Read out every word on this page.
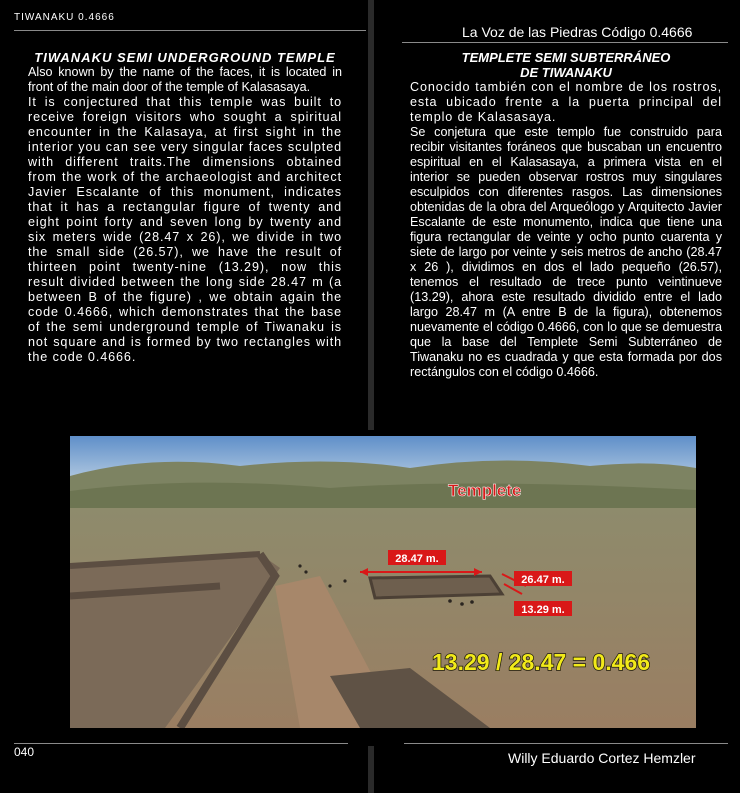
TIWANAKU 0.4666
La Voz de las Piedras Código 0.4666
TIWANAKU SEMI UNDERGROUND TEMPLE

Also known by the name of the faces, it is located in front of the main door of the temple of Kalasasaya.

It is conjectured that this temple was built to receive foreign visitors who sought a spiritual encounter in the Kalasaya, at first sight in the interior you can see very singular faces sculpted with different traits.The dimensions obtained from the work of the archaeologist and architect Javier Escalante of this monument, indicates that it has a rectangular figure of twenty and eight point forty and seven long by twenty and six meters wide (28.47 x 26), we divide in two the small side (26.57), we have the result of thirteen point twenty-nine (13.29), now this result divided between the long side 28.47 m (a between B of the figure) , we obtain again the code 0.4666, which demonstrates that the base of the semi underground temple of Tiwanaku is not square and is formed by two rectangles with the code 0.4666.

TEMPLETE SEMI SUBTERRÁNEO
DE TIWANAKU

Conocido también con el nombre de los rostros, esta ubicado frente a la puerta principal del templo de Kalasasaya.

Se conjetura que este templo fue construido para recibir visitantes foráneos que buscaban un encuentro espiritual en el Kalasasaya, a primera vista en el interior se pueden observar rostros muy singulares esculpidos con diferentes rasgos. Las dimensiones obtenidas de la obra del Arqueólogo y Arquitecto Javier Escalante de este monumento, indica que tiene una figura rectangular de veinte y ocho punto cuarenta y siete de largo por veinte y seis metros de ancho (28.47 x 26 ), dividimos en dos el lado pequeño (26.57), tenemos el resultado de trece punto veintinueve (13.29), ahora este resultado dividido entre el lado largo 28.47 m (A entre B de la figura), obtenemos nuevamente el código 0.4666, con lo que se demuestra que la base del Templete Semi Subterráneo de Tiwanaku no es cuadrada y que esta formada por dos rectángulos con el código 0.4666.

Templete
28.47 m.
26.47 m.
13.29 m.
13.29 / 28.47 = 0.466
040	Willy Eduardo Cortez Hemzler
